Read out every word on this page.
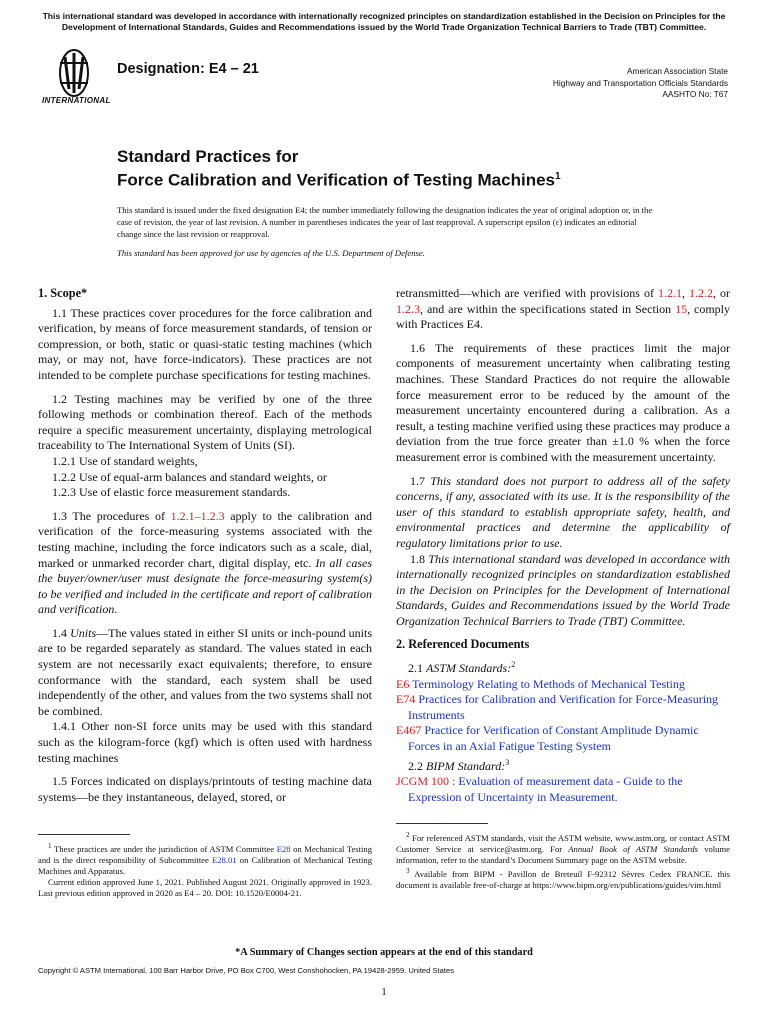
This international standard was developed in accordance with internationally recognized principles on standardization established in the Decision on Principles for the Development of International Standards, Guides and Recommendations issued by the World Trade Organization Technical Barriers to Trade (TBT) Committee.
INTERNATIONAL
Designation: E4 – 21	American Association State
Highway and Transportation Officials Standards
AASHTO No: T67
Standard Practices for
Force Calibration and Verification of Testing Machines$^1$
This standard is issued under the fixed designation E4; the number immediately following the designation indicates the year of original adoption or, in the case of revision, the year of last revision. A number in parentheses indicates the year of last reapproval. A superscript epsilon (ε) indicates an editorial change since the last revision or reapproval.
This standard has been approved for use by agencies of the U.S. Department of Defense.
1. Scope*

1.1 These practices cover procedures for the force calibration and verification, by means of force measurement standards, of tension or compression, or both, static or quasi-static testing machines (which may, or may not, have force-indicators). These practices are not intended to be complete purchase specifications for testing machines.

1.2 Testing machines may be verified by one of the three following methods or combination thereof. Each of the methods require a specific measurement uncertainty, displaying metrological traceability to The International System of Units (SI).

1.2.1 Use of standard weights,

1.2.2 Use of equal-arm balances and standard weights, or

1.2.3 Use of elastic force measurement standards.

1.3 The procedures of 1.2.1–1.2.3 apply to the calibration and verification of the force-measuring systems associated with the testing machine, including the force indicators such as a scale, dial, marked or unmarked recorder chart, digital display, etc. In all cases the buyer/owner/user must designate the force-measuring system(s) to be verified and included in the certificate and report of calibration and verification.

1.4 Units—The values stated in either SI units or inch-pound units are to be regarded separately as standard. The values stated in each system are not necessarily exact equivalents; therefore, to ensure conformance with the standard, each system shall be used independently of the other, and values from the two systems shall not be combined.

1.4.1 Other non-SI force units may be used with this standard such as the kilogram-force (kgf) which is often used with hardness testing machines

1.5 Forces indicated on displays/printouts of testing machine data systems—be they instantaneous, delayed, stored, or

retransmitted—which are verified with provisions of 1.2.1, 1.2.2, or 1.2.3, and are within the specifications stated in Section 15, comply with Practices E4.

1.6 The requirements of these practices limit the major components of measurement uncertainty when calibrating testing machines. These Standard Practices do not require the allowable force measurement error to be reduced by the amount of the measurement uncertainty encountered during a calibration. As a result, a testing machine verified using these practices may produce a deviation from the true force greater than ±1.0 % when the force measurement error is combined with the measurement uncertainty.

1.7 This standard does not purport to address all of the safety concerns, if any, associated with its use. It is the responsibility of the user of this standard to establish appropriate safety, health, and environmental practices and determine the applicability of regulatory limitations prior to use.

1.8 This international standard was developed in accordance with internationally recognized principles on standardization established in the Decision on Principles for the Development of International Standards, Guides and Recommendations issued by the World Trade Organization Technical Barriers to Trade (TBT) Committee.

2. Referenced Documents

2.1 ASTM Standards:$^2$

E6 Terminology Relating to Methods of Mechanical Testing

E74 Practices for Calibration and Verification for Force-Measuring Instruments

E467 Practice for Verification of Constant Amplitude Dynamic Forces in an Axial Fatigue Testing System

2.2 BIPM Standard:$^3$

JCGM 100 : Evaluation of measurement data - Guide to the Expression of Uncertainty in Measurement.

$^1$ These practices are under the jurisdiction of ASTM Committee E28 on Mechanical Testing and is the direct responsibility of Subcommittee E28.01 on Calibration of Mechanical Testing Machines and Apparatus.

Current edition approved June 1, 2021. Published August 2021. Originally approved in 1923. Last previous edition approved in 2020 as E4 – 20. DOI: 10.1520/E0004-21.

$^2$ For referenced ASTM standards, visit the ASTM website, www.astm.org, or contact ASTM Customer Service at service@astm.org. For Annual Book of ASTM Standards volume information, refer to the standard’s Document Summary page on the ASTM website.

$^3$ Available from BIPM - Pavillon de Breteuil F-92312 Sèvres Cedex FRANCE. this document is available free-of-charge at https://www.bipm.org/en/publications/guides/vim.html

*A Summary of Changes section appears at the end of this standard
Copyright © ASTM International, 100 Barr Harbor Drive, PO Box C700, West Conshohocken, PA 19428-2959. United States
1
